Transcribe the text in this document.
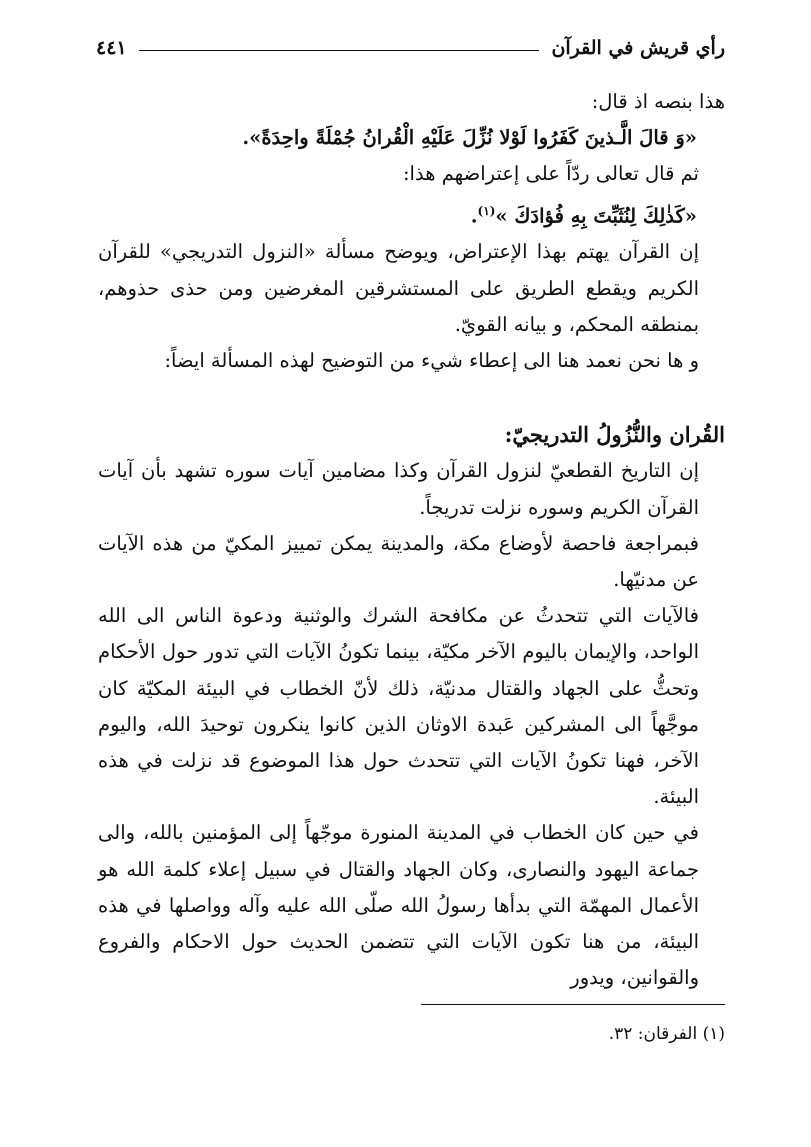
رأي قريش في القرآن
٤٤١

هذا بنصه اذ قال:

«وَ قالَ الَّـذينَ كَفَرُوا لَوْلا نُزِّلَ عَلَيْهِ الْقُرانُ جُمْلَةً واحِدَةً».

ثم قال تعالى ردّاً على إعتراضهم هذا:

«كَذٰلِكَ لِنُثَبِّتَ بِهِ فُؤادَكَ »$^{(١)}$.

إن القرآن يهتم بهذا الإعتراض، ويوضح مسألة «النزول التدريجي» للقرآن الكريم ويقطع الطريق على المستشرقين المغرضين ومن حذى حذوهم، بمنطقه المحكم، و بيانه القويّ.

و ها نحن نعمد هنا الى إعطاء شيء من التوضيح لهذه المسألة ايضاً:

القُران والنُّزُولُ التدريجيّ:

إن التاريخ القطعيّ لنزول القرآن وكذا مضامين آيات سوره تشهد بأن آيات القرآن الكريم وسوره نزلت تدريجاً.

فبمراجعة فاحصة لأوضاع مكة، والمدينة يمكن تمييز المكيّ من هذه الآيات عن مدنيّها.

فالآيات التي تتحدثُ عن مكافحة الشرك والوثنية ودعوة الناس الى الله الواحد، والإيمان باليوم الآخر مكيّة، بينما تكونُ الآيات التي تدور حول الأحكام وتحثُّ على الجهاد والقتال مدنيّة، ذلك لأنّ الخطاب في البيئة المكيّة كان موجَّهاً الى المشركين عَبدة الاوثان الذين كانوا ينكرون توحيدَ الله، واليوم الآخر، فهنا تكونُ الآيات التي تتحدث حول هذا الموضوع قد نزلت في هذه البيئة.

في حين كان الخطاب في المدينة المنورة موجّهاً إلى المؤمنين بالله، والى جماعة اليهود والنصارى، وكان الجهاد والقتال في سبيل إعلاء كلمة الله هو الأعمال المهمّة التي بدأها رسولُ الله صلّى الله عليه وآله وواصلها في هذه البيئة، من هنا تكون الآيات التي تتضمن الحديث حول الاحكام والفروع والقوانين، ويدور

(١) الفرقان: ٣٢.
